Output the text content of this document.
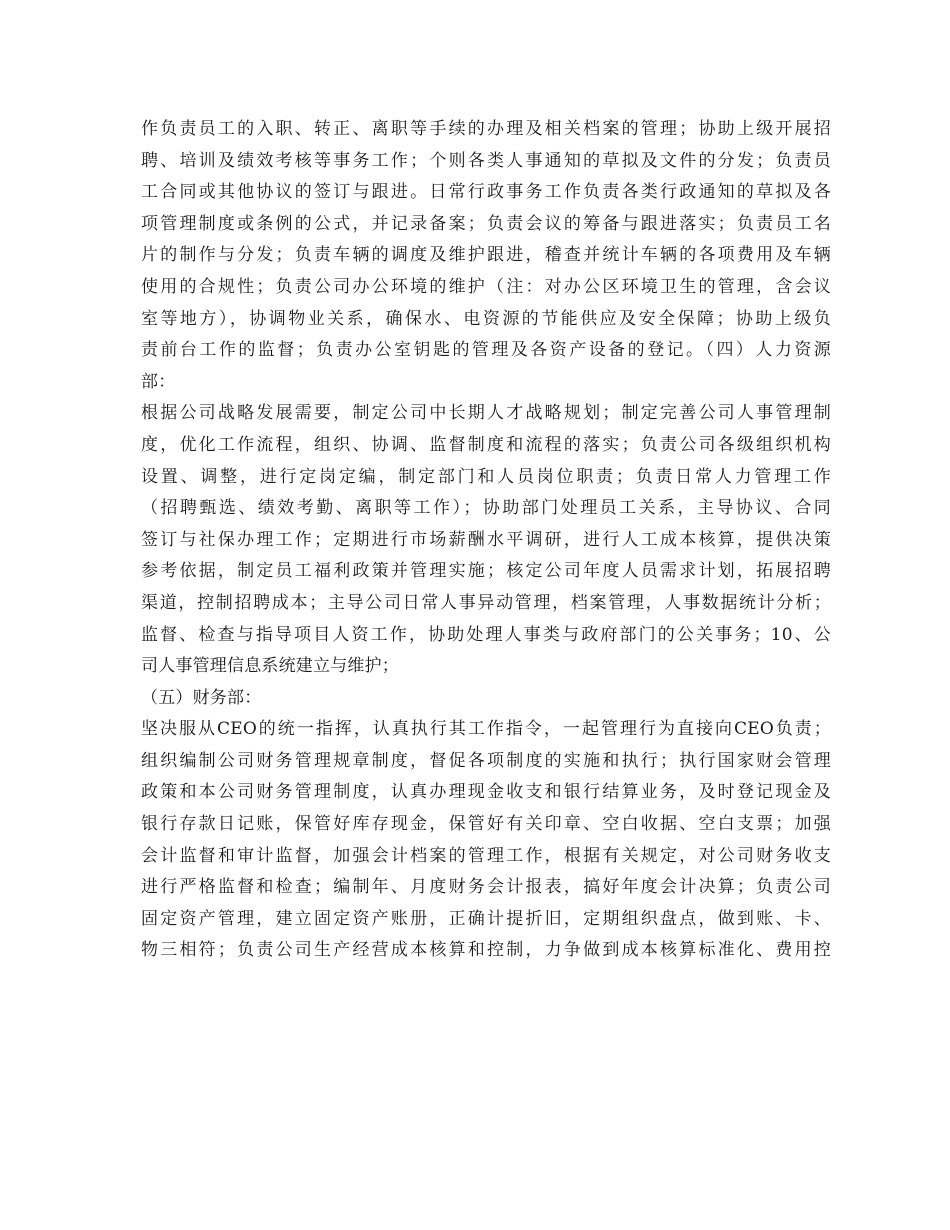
作负责员工的入职、转正、离职等手续的办理及相关档案的管理；协助上级开展招
聘、培训及绩效考核等事务工作；个则各类人事通知的草拟及文件的分发；负责员
工合同或其他协议的签订与跟进。日常行政事务工作负责各类行政通知的草拟及各
项管理制度或条例的公式，并记录备案；负责会议的筹备与跟进落实；负责员工名
片的制作与分发；负责车辆的调度及维护跟进，稽查并统计车辆的各项费用及车辆
使用的合规性；负责公司办公环境的维护（注：对办公区环境卫生的管理，含会议
室等地方），协调物业关系，确保水、电资源的节能供应及安全保障；协助上级负
责前台工作的监督；负责办公室钥匙的管理及各资产设备的登记。（四）人力资源
部：
根据公司战略发展需要，制定公司中长期人才战略规划；制定完善公司人事管理制
度，优化工作流程，组织、协调、监督制度和流程的落实；负责公司各级组织机构
设置、调整，进行定岗定编，制定部门和人员岗位职责；负责日常人力管理工作
（招聘甄选、绩效考勤、离职等工作）；协助部门处理员工关系，主导协议、合同
签订与社保办理工作；定期进行市场薪酬水平调研，进行人工成本核算，提供决策
参考依据，制定员工福利政策并管理实施；核定公司年度人员需求计划，拓展招聘
渠道，控制招聘成本；主导公司日常人事异动管理，档案管理，人事数据统计分析；
监督、检查与指导项目人资工作，协助处理人事类与政府部门的公关事务；10、公
司人事管理信息系统建立与维护；
（五）财务部：
坚决服从CEO的统一指挥，认真执行其工作指令，一起管理行为直接向CEO负责；
组织编制公司财务管理规章制度，督促各项制度的实施和执行；执行国家财会管理
政策和本公司财务管理制度，认真办理现金收支和银行结算业务，及时登记现金及
银行存款日记账，保管好库存现金，保管好有关印章、空白收据、空白支票；加强
会计监督和审计监督，加强会计档案的管理工作，根据有关规定，对公司财务收支
进行严格监督和检查；编制年、月度财务会计报表，搞好年度会计决算；负责公司
固定资产管理，建立固定资产账册，正确计提折旧，定期组织盘点，做到账、卡、
物三相符；负责公司生产经营成本核算和控制，力争做到成本核算标准化、费用控
